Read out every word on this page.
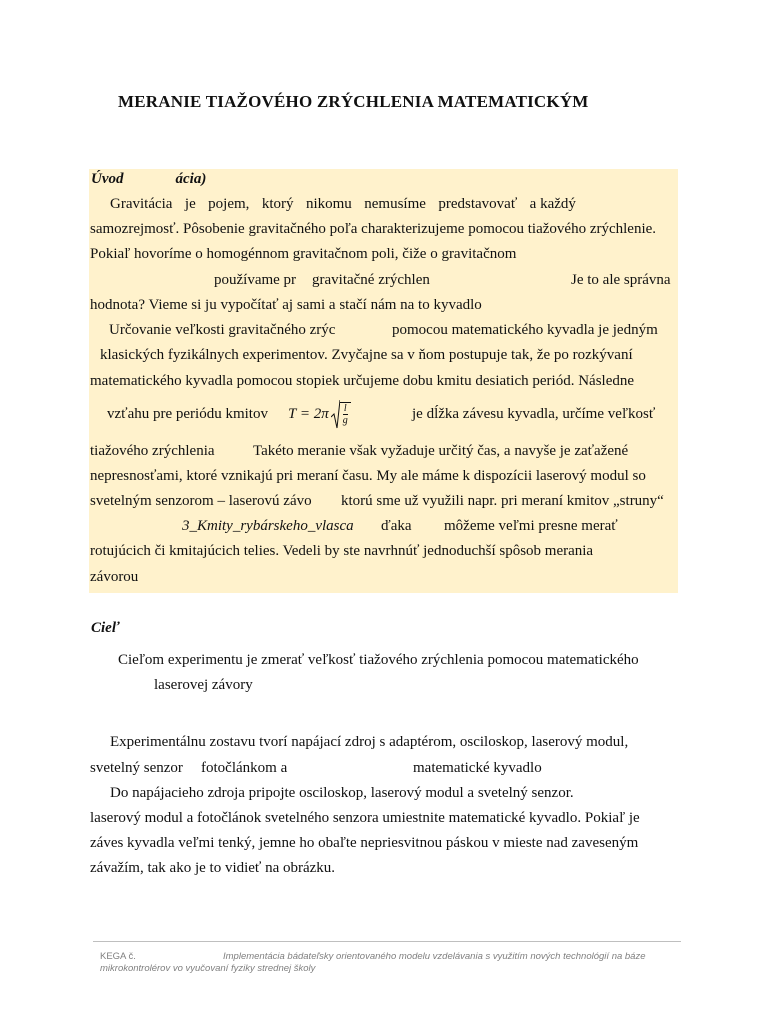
MERANIE TIAŽOVÉHO ZRÝCHLENIA MATEMATICKÝM
Úvod	ácia)
Gravitácia je pojem, ktorý nikomu nemusíme predstavovať a každý
samozrejmosť. Pôsobenie gravitačného poľa charakterizujeme pomocou tiažového zrýchlenie.
Pokiaľ hovoríme o homogénnom gravitačnom poli, čiže o gravitačnom
používame pr gravitačné zrýchlen	Je to ale správna
hodnota? Vieme si ju vypočítať aj sami a stačí nám na to kyvadlo
Určovanie veľkosti gravitačného zrýc	pomocou matematického kyvadla je jedným
klasických fyzikálnych experimentov. Zvyčajne sa v ňom postupuje tak, že po rozkývaní
matematického kyvadla pomocou stopiek určujeme dobu kmitu desiatich periód. Následne
vzťahu pre periódu kmitov $T = 2\pi \frac{l}{g}$	je dĺžka závesu kyvadla, určíme veľkosť
tiažového zrýchlenia	Takéto meranie však vyžaduje určitý čas, a navyše je zaťažené
nepresnosťami, ktoré vznikajú pri meraní času. My ale máme k dispozícii laserový modul so
svetelným senzorom – laserovú závo ktorú sme už využili napr. pri meraní kmitov „struny“
3_Kmity_rybárskeho_vlasca ďaka môžeme veľmi presne merať
rotujúcich či kmitajúcich telies. Vedeli by ste navrhnúť jednoduchší spôsob merania
závorou
Cieľ
Cieľom experimentu je zmerať veľkosť tiažového zrýchlenia pomocou matematického
laserovej závory
Experimentálnu zostavu tvorí napájací zdroj s adaptérom, osciloskop, laserový modul,
svetelný senzor fotočlánkom a	matematické kyvadlo
Do napájacieho zdroja pripojte osciloskop, laserový modul a svetelný senzor.
laserový modul a fotočlánok svetelného senzora umiestnite matematické kyvadlo. Pokiaľ je
záves kyvadla veľmi tenký, jemne ho obaľte nepriesvitnou páskou v mieste nad zaveseným
závažím, tak ako je to vidieť na obrázku.
KEGA č.	Implementácia bádateľsky orientovaného modelu vzdelávania s využitím nových technológií na báze
mikrokontrolérov vo vyučovaní fyziky strednej školy
